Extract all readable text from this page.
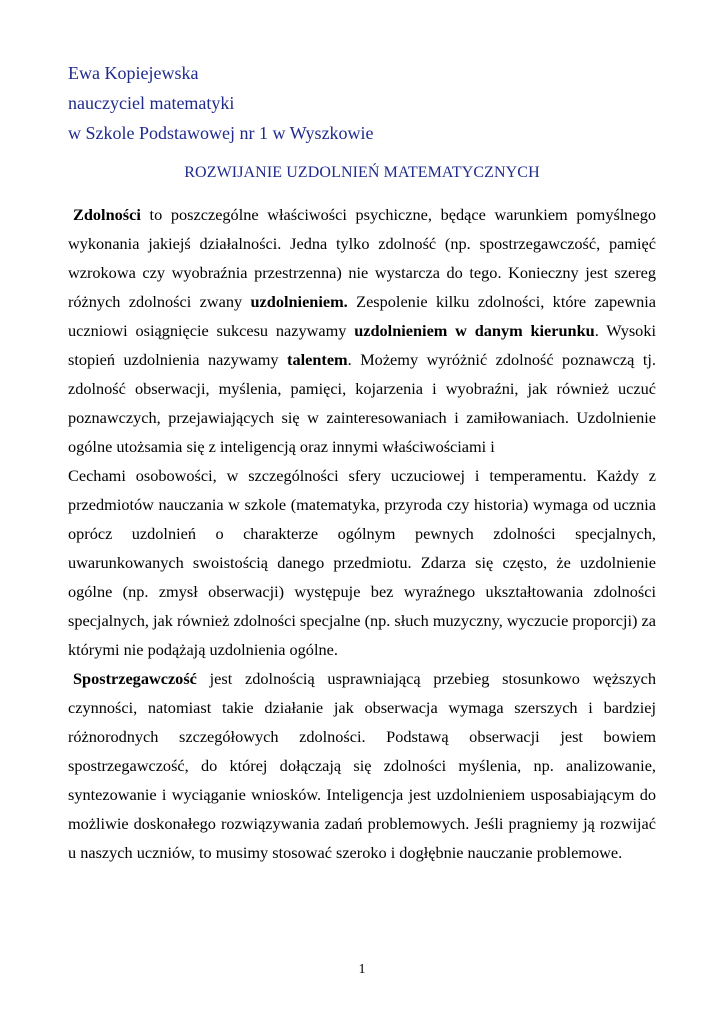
Ewa Kopiejewska
nauczyciel matematyki
w Szkole Podstawowej nr 1 w Wyszkowie
ROZWIJANIE UZDOLNIEŃ MATEMATYCZNYCH

Zdolności to poszczególne właściwości psychiczne, będące warunkiem pomyślnego wykonania jakiejś działalności. Jedna tylko zdolność (np. spostrzegawczość, pamięć wzrokowa czy wyobraźnia przestrzenna) nie wystarcza do tego. Konieczny jest szereg różnych zdolności zwany uzdolnieniem. Zespolenie kilku zdolności, które zapewnia uczniowi osiągnięcie sukcesu nazywamy uzdolnieniem w danym kierunku. Wysoki stopień uzdolnienia nazywamy talentem. Możemy wyróżnić zdolność poznawczą tj. zdolność obserwacji, myślenia, pamięci, kojarzenia i wyobraźni, jak również uczuć poznawczych, przejawiających się w zainteresowaniach i zamiłowaniach. Uzdolnienie ogólne utożsamia się z inteligencją oraz innymi właściwościami i

Cechami osobowości, w szczególności sfery uczuciowej i temperamentu. Każdy z przedmiotów nauczania w szkole (matematyka, przyroda czy historia) wymaga od ucznia oprócz uzdolnień o charakterze ogólnym pewnych zdolności specjalnych, uwarunkowanych swoistością danego przedmiotu. Zdarza się często, że uzdolnienie ogólne (np. zmysł obserwacji) występuje bez wyraźnego ukształtowania zdolności specjalnych, jak również zdolności specjalne (np. słuch muzyczny, wyczucie proporcji) za którymi nie podążają uzdolnienia ogólne.

Spostrzegawczość jest zdolnością usprawniającą przebieg stosunkowo węższych czynności, natomiast takie działanie jak obserwacja wymaga szerszych i bardziej różnorodnych szczegółowych zdolności. Podstawą obserwacji jest bowiem spostrzegawczość, do której dołączają się zdolności myślenia, np. analizowanie, syntezowanie i wyciąganie wniosków. Inteligencja jest uzdolnieniem usposabiającym do możliwie doskonałego rozwiązywania zadań problemowych. Jeśli pragniemy ją rozwijać u naszych uczniów, to musimy stosować szeroko i dogłębnie nauczanie problemowe.

1
